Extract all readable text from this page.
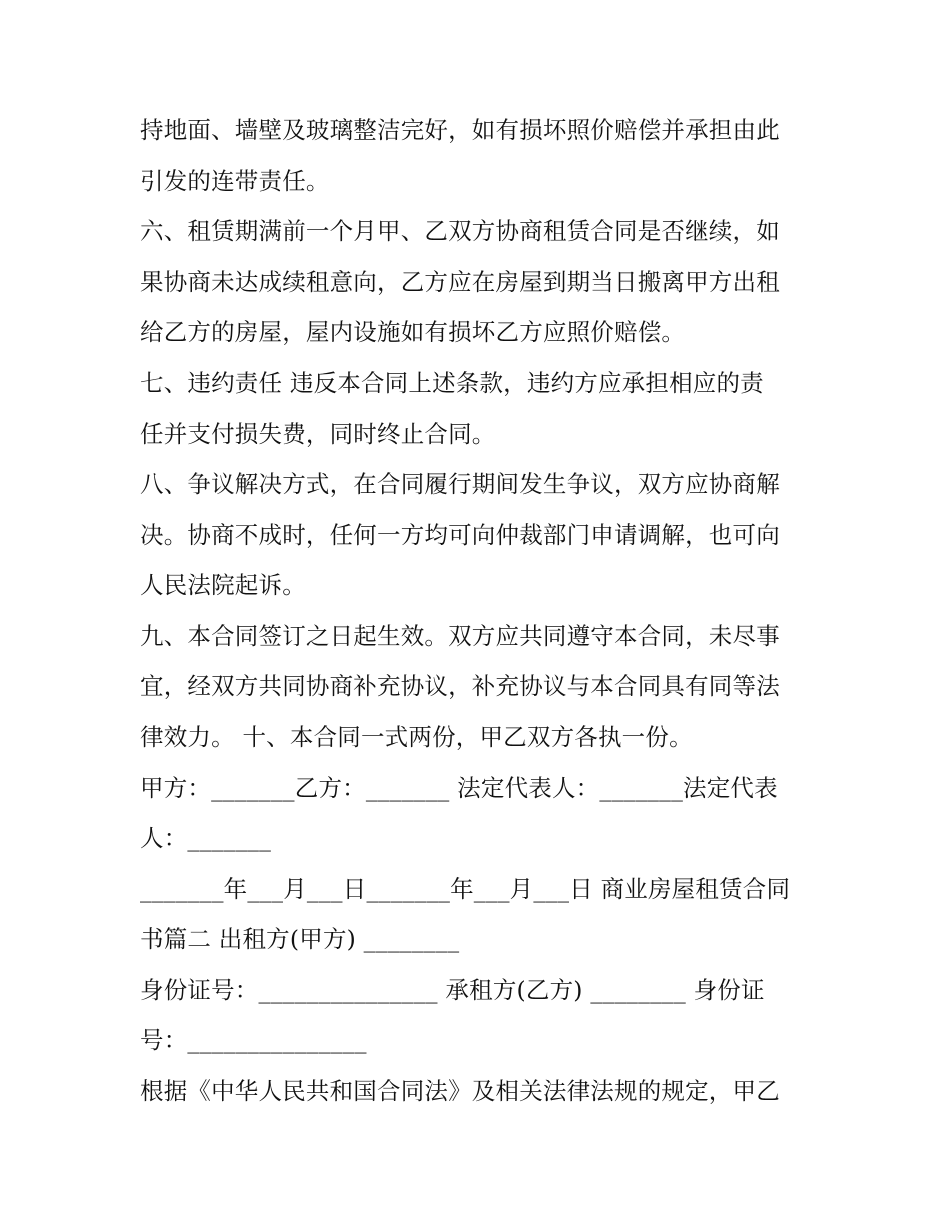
持地面、墙壁及玻璃整洁完好，如有损坏照价赔偿并承担由此
引发的连带责任。
六、租赁期满前一个月甲、乙双方协商租赁合同是否继续，如
果协商未达成续租意向，乙方应在房屋到期当日搬离甲方出租
给乙方的房屋，屋内设施如有损坏乙方应照价赔偿。
七、违约责任 违反本合同上述条款，违约方应承担相应的责
任并支付损失费，同时终止合同。
八、争议解决方式，在合同履行期间发生争议，双方应协商解
决。协商不成时，任何一方均可向仲裁部门申请调解，也可向
人民法院起诉。
九、本合同签订之日起生效。双方应共同遵守本合同，未尽事
宜，经双方共同协商补充协议，补充协议与本合同具有同等法
律效力。 十、本合同一式两份，甲乙双方各执一份。
甲方：_______乙方：_______ 法定代表人：_______法定代表
人：_______
_______年___月___日_______年___月___日 商业房屋租赁合同
书篇二 出租方(甲方) ________
身份证号：_______________ 承租方(乙方) ________ 身份证
号：_______________
根据《中华人民共和国合同法》及相关法律法规的规定，甲乙
